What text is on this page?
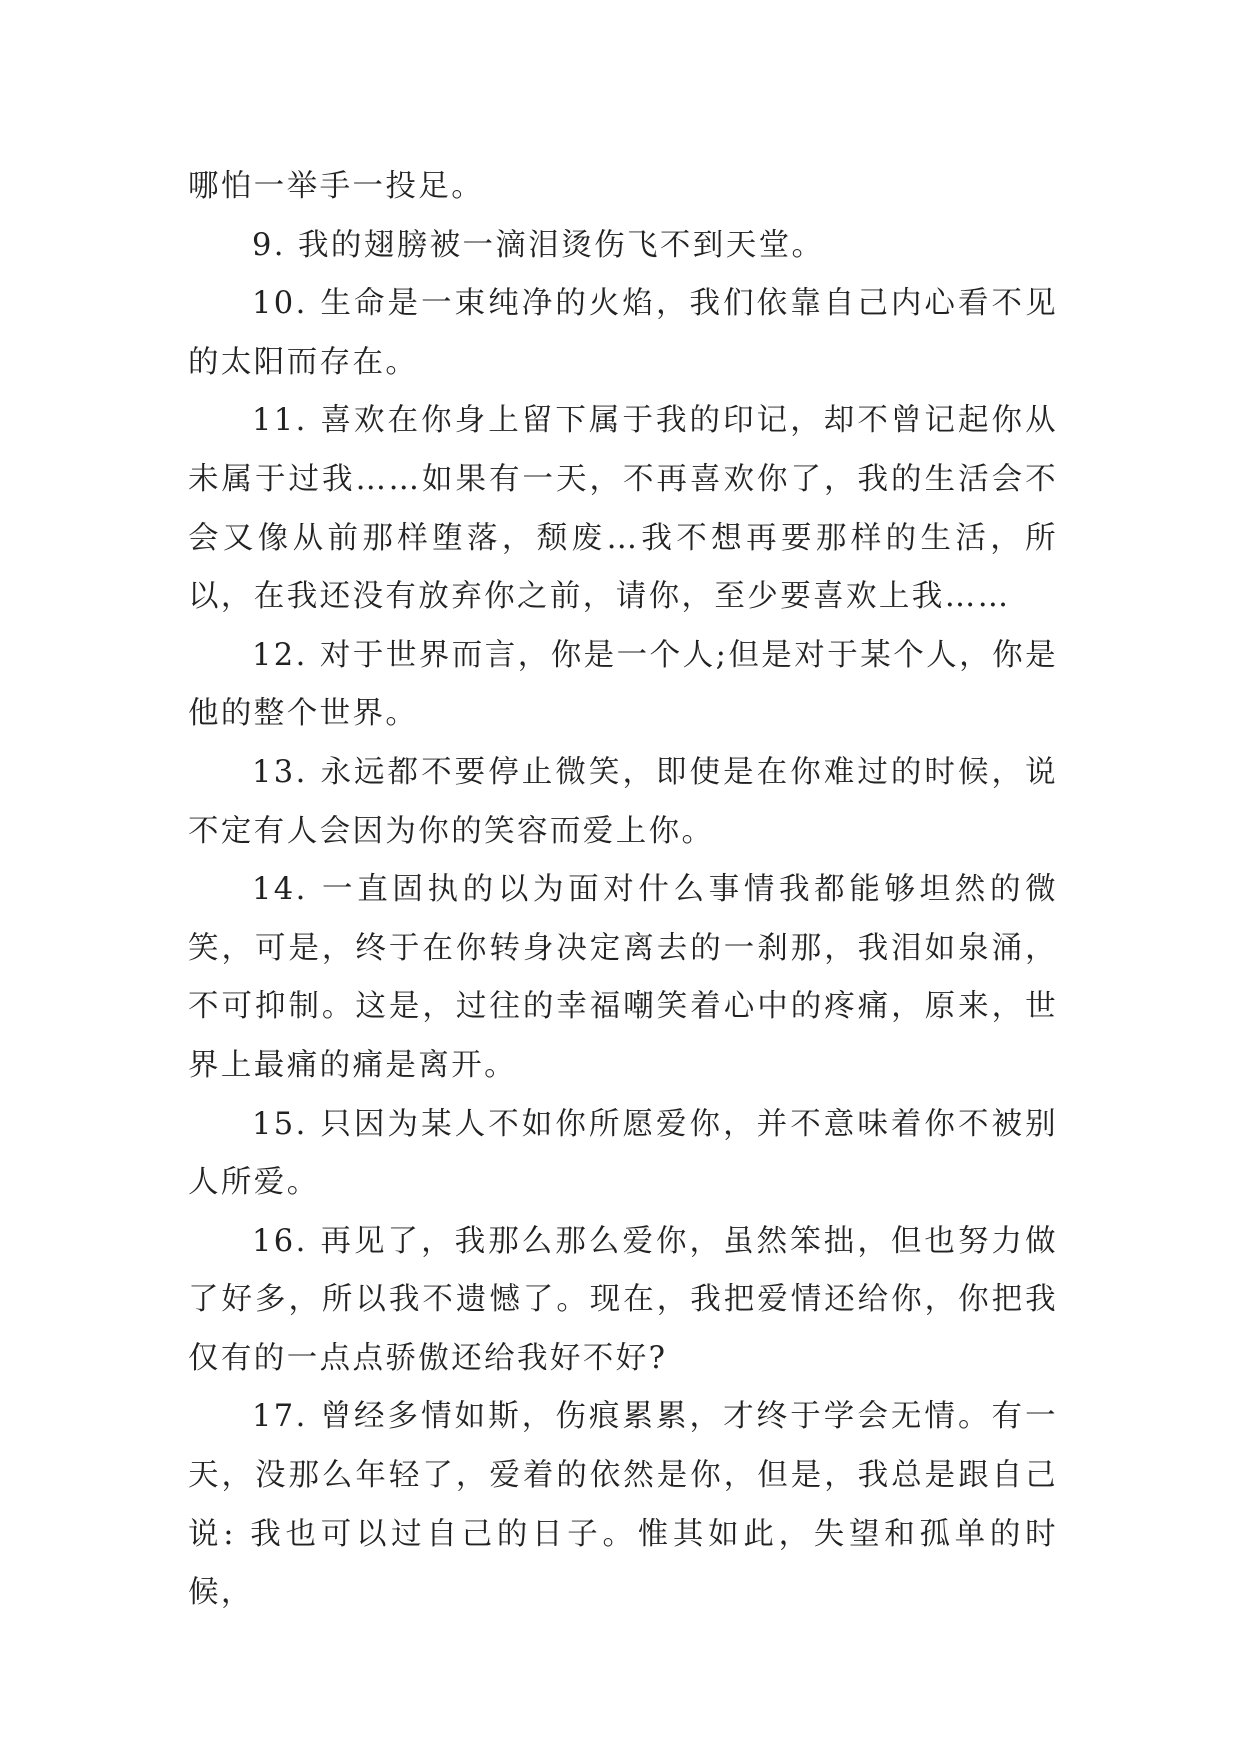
哪怕一举手一投足。

9. 我的翅膀被一滴泪烫伤飞不到天堂。

10. 生命是一束纯净的火焰，我们依靠自己内心看不见的太阳而存在。

11. 喜欢在你身上留下属于我的印记，却不曾记起你从未属于过我……如果有一天，不再喜欢你了，我的生活会不会又像从前那样堕落，颓废…我不想再要那样的生活，所以，在我还没有放弃你之前，请你，至少要喜欢上我……

12. 对于世界而言，你是一个人;但是对于某个人，你是他的整个世界。

13. 永远都不要停止微笑，即使是在你难过的时候，说不定有人会因为你的笑容而爱上你。

14. 一直固执的以为面对什么事情我都能够坦然的微笑，可是，终于在你转身决定离去的一刹那，我泪如泉涌，不可抑制。这是，过往的幸福嘲笑着心中的疼痛，原来，世界上最痛的痛是离开。

15. 只因为某人不如你所愿爱你，并不意味着你不被别人所爱。

16. 再见了，我那么那么爱你，虽然笨拙，但也努力做了好多，所以我不遗憾了。现在，我把爱情还给你，你把我仅有的一点点骄傲还给我好不好?

17. 曾经多情如斯，伤痕累累，才终于学会无情。有一天，没那么年轻了，爱着的依然是你，但是，我总是跟自己说: 我也可以过自己的日子。惟其如此，失望和孤单的时候，
